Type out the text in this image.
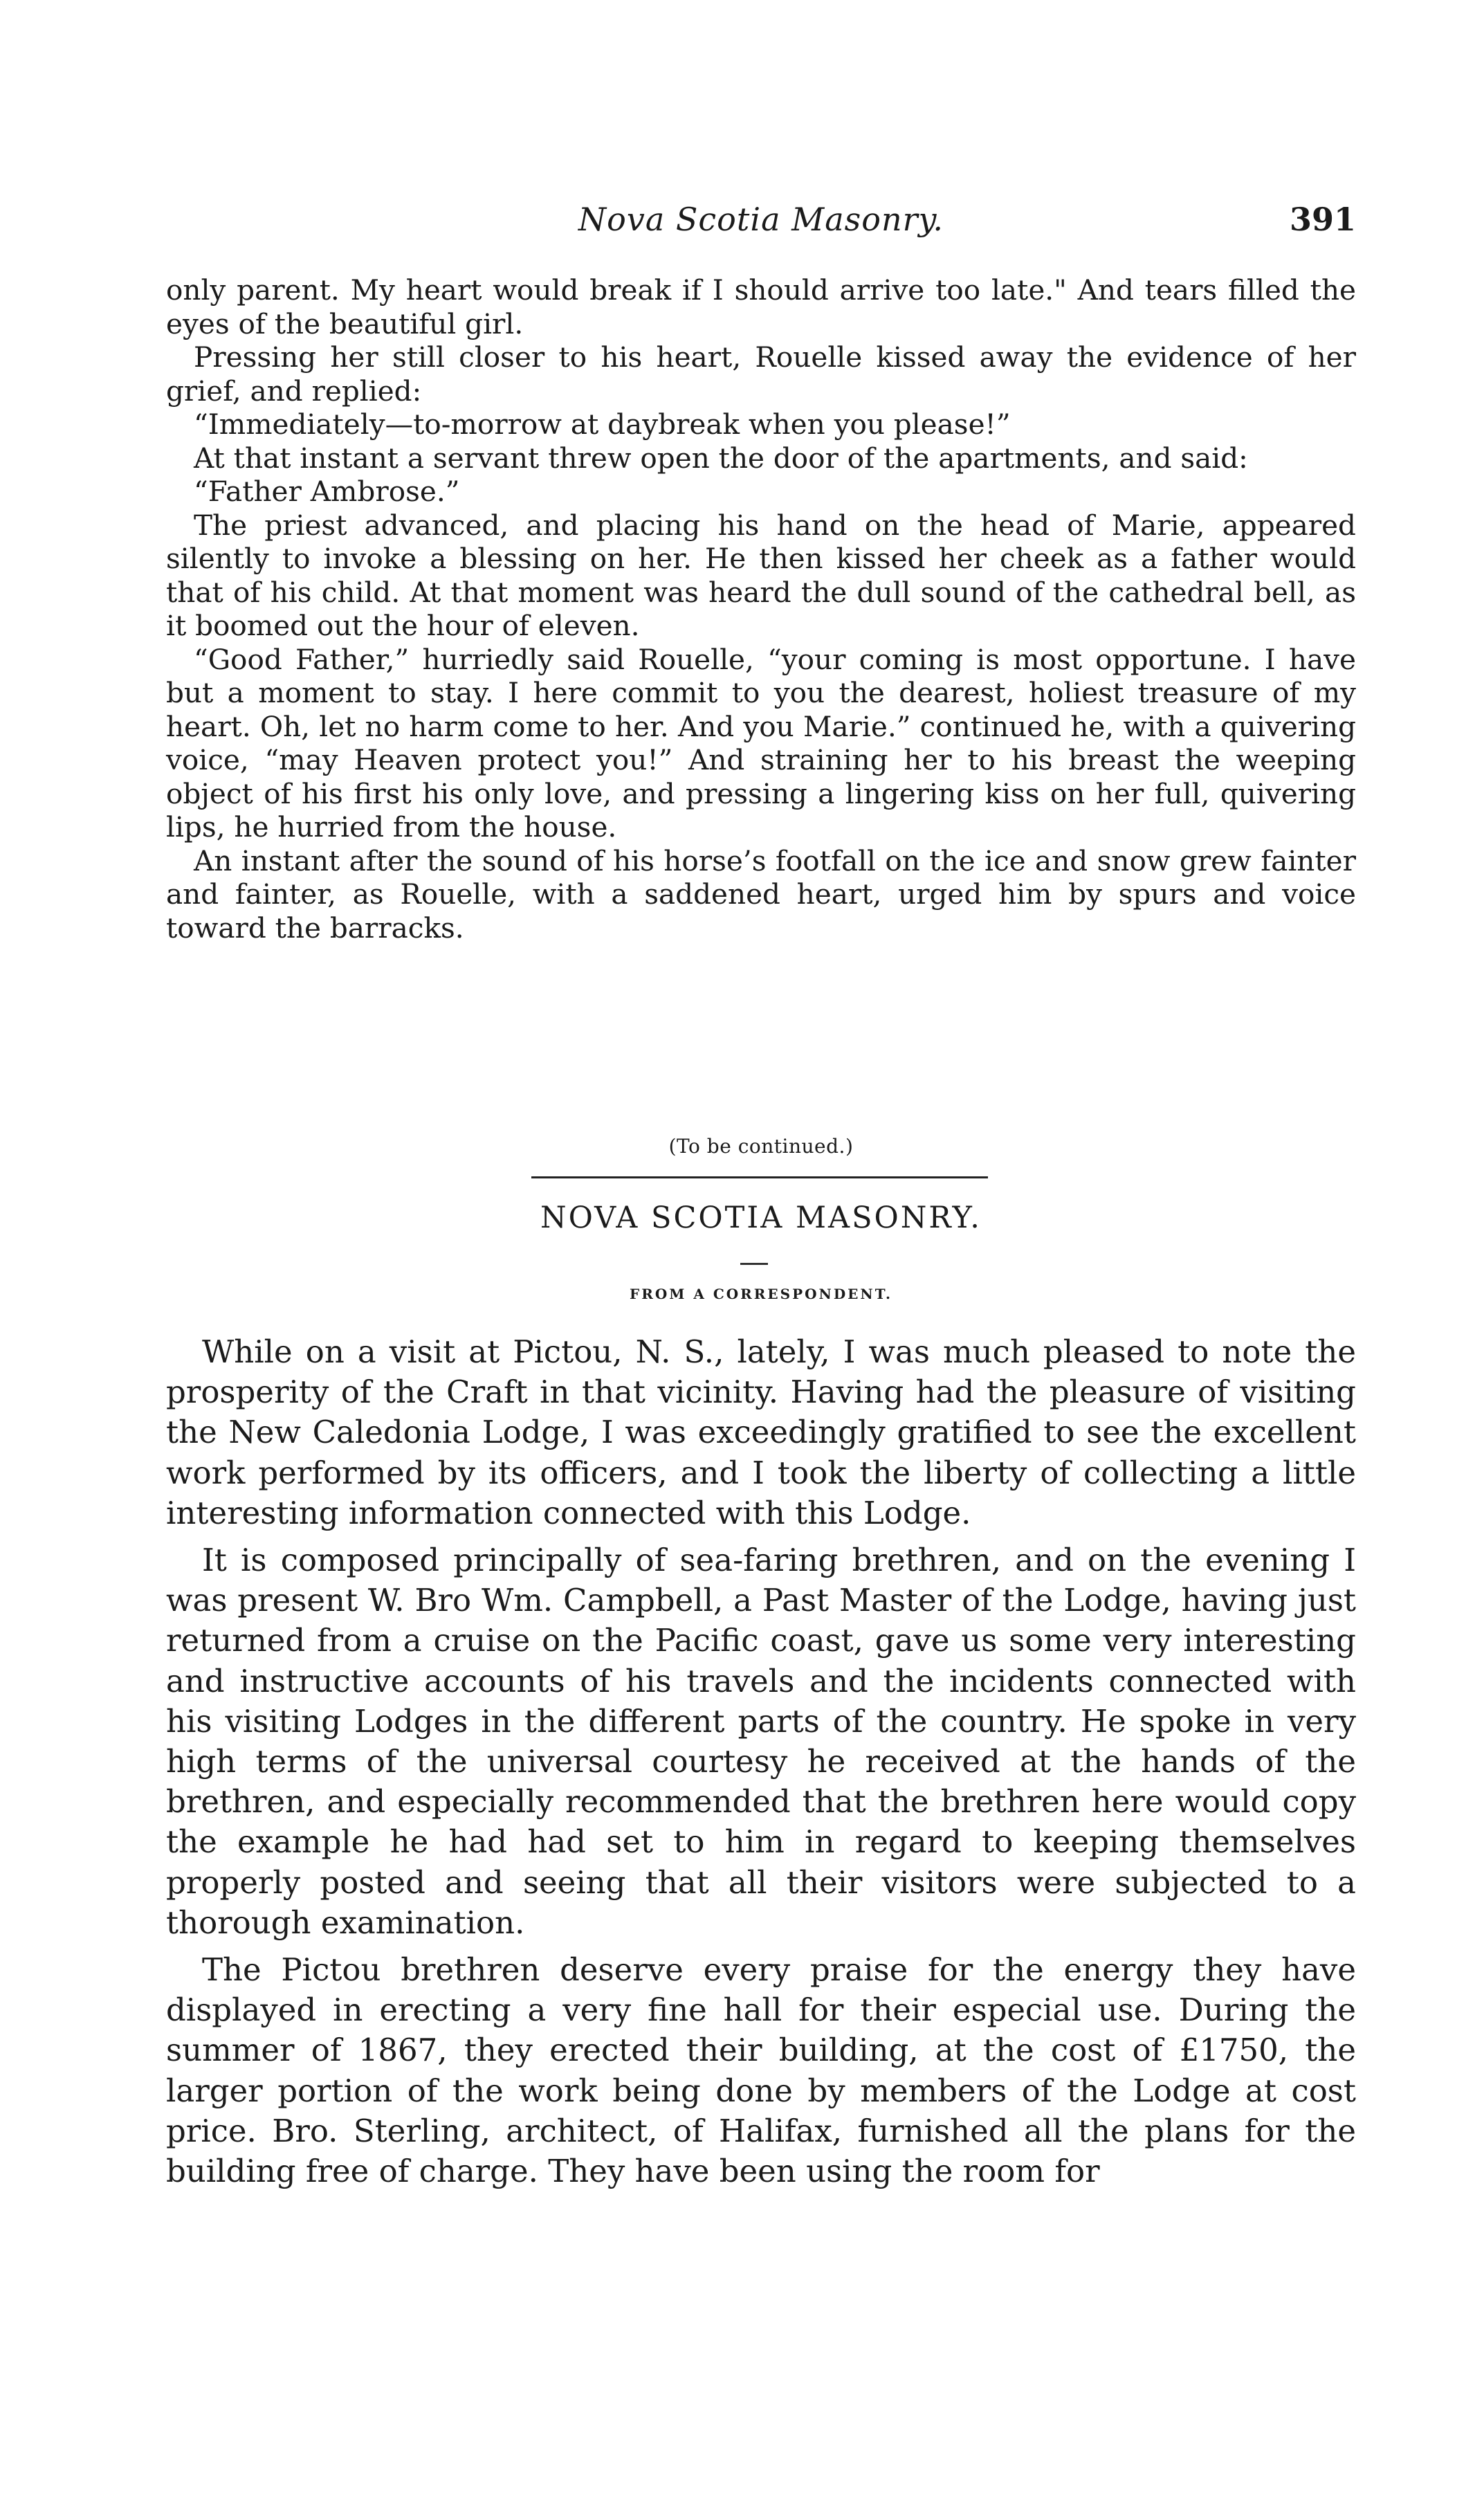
Nova Scotia Masonry.	391

only parent. My heart would break if I should arrive too late." And tears filled the eyes of the beautiful girl.

Pressing her still closer to his heart, Rouelle kissed away the evidence of her grief, and replied:

“Immediately—to-morrow at daybreak when you please!”

At that instant a servant threw open the door of the apartments, and said:

“Father Ambrose.”

The priest advanced, and placing his hand on the head of Marie, appeared silently to invoke a blessing on her. He then kissed her cheek as a father would that of his child. At that moment was heard the dull sound of the cathedral bell, as it boomed out the hour of eleven.

“Good Father,” hurriedly said Rouelle, “your coming is most opportune. I have but a moment to stay. I here commit to you the dearest, holiest treasure of my heart. Oh, let no harm come to her. And you Marie.” continued he, with a quivering voice, “may Heaven protect you!” And straining her to his breast the weeping object of his first his only love, and pressing a lingering kiss on her full, quivering lips, he hurried from the house.

An instant after the sound of his horse’s footfall on the ice and snow grew fainter and fainter, as Rouelle, with a saddened heart, urged him by spurs and voice toward the barracks.

(To be continued.)
NOVA SCOTIA MASONRY.
FROM A CORRESPONDENT.

While on a visit at Pictou, N. S., lately, I was much pleased to note the prosperity of the Craft in that vicinity. Having had the pleasure of visiting the New Caledonia Lodge, I was exceedingly gratified to see the excellent work performed by its officers, and I took the liberty of collecting a little interesting information connected with this Lodge.

It is composed principally of sea-faring brethren, and on the evening I was present W. Bro Wm. Campbell, a Past Master of the Lodge, having just returned from a cruise on the Pacific coast, gave us some very interesting and instructive accounts of his travels and the incidents connected with his visiting Lodges in the different parts of the country. He spoke in very high terms of the universal courtesy he received at the hands of the brethren, and especially recommended that the brethren here would copy the example he had had set to him in regard to keeping themselves properly posted and seeing that all their visitors were subjected to a thorough examination.

The Pictou brethren deserve every praise for the energy they have displayed in erecting a very fine hall for their especial use. During the summer of 1867, they erected their building, at the cost of £1750, the larger portion of the work being done by members of the Lodge at cost price. Bro. Sterling, architect, of Halifax, furnished all the plans for the building free of charge. They have been using the room for
